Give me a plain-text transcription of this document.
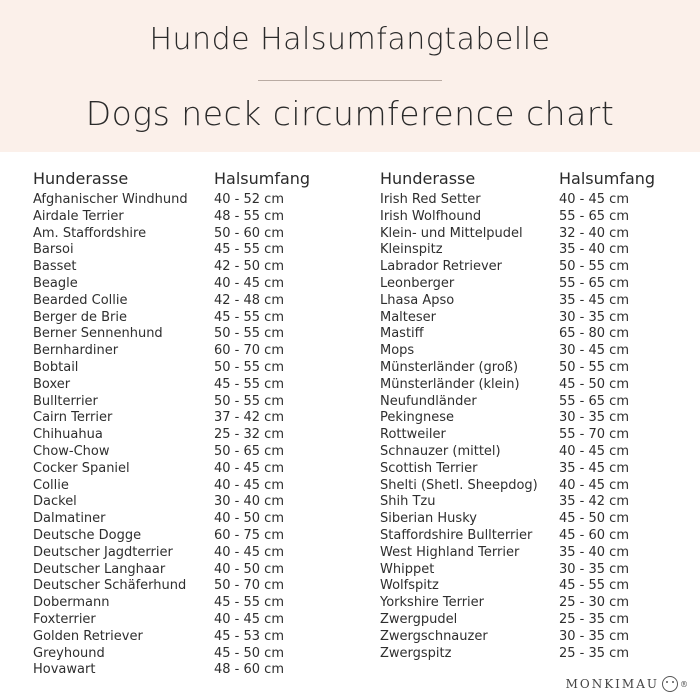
Hunde Halsumfangtabelle
Dogs neck circumference chart
Hunderasse	Halsumfang
Afghanischer Windhund	40 - 52 cm
Airdale Terrier	48 - 55 cm
Am. Staffordshire	50 - 60 cm
Barsoi	45 - 55 cm
Basset	42 - 50 cm
Beagle	40 - 45 cm
Bearded Collie	42 - 48 cm
Berger de Brie	45 - 55 cm
Berner Sennenhund	50 - 55 cm
Bernhardiner	60 - 70 cm
Bobtail	50 - 55 cm
Boxer	45 - 55 cm
Bullterrier	50 - 55 cm
Cairn Terrier	37 - 42 cm
Chihuahua	25 - 32 cm
Chow-Chow	50 - 65 cm
Cocker Spaniel	40 - 45 cm
Collie	40 - 45 cm
Dackel	30 - 40 cm
Dalmatiner	40 - 50 cm
Deutsche Dogge	60 - 75 cm
Deutscher Jagdterrier	40 - 45 cm
Deutscher Langhaar	40 - 50 cm
Deutscher Schäferhund	50 - 70 cm
Dobermann	45 - 55 cm
Foxterrier	40 - 45 cm
Golden Retriever	45 - 53 cm
Greyhound	45 - 50 cm
Hovawart	48 - 60 cm
Hunderasse	Halsumfang
Irish Red Setter	40 - 45 cm
Irish Wolfhound	55 - 65 cm
Klein- und Mittelpudel	32 - 40 cm
Kleinspitz	35 - 40 cm
Labrador Retriever	50 - 55 cm
Leonberger	55 - 65 cm
Lhasa Apso	35 - 45 cm
Malteser	30 - 35 cm
Mastiff	65 - 80 cm
Mops	30 - 45 cm
Münsterländer (groß)	50 - 55 cm
Münsterländer (klein)	45 - 50 cm
Neufundländer	55 - 65 cm
Pekingnese	30 - 35 cm
Rottweiler	55 - 70 cm
Schnauzer (mittel)	40 - 45 cm
Scottish Terrier	35 - 45 cm
Shelti (Shetl. Sheepdog)	40 - 45 cm
Shih Tzu	35 - 42 cm
Siberian Husky	45 - 50 cm
Staffordshire Bullterrier	45 - 60 cm
West Highland Terrier	35 - 40 cm
Whippet	30 - 35 cm
Wolfspitz	45 - 55 cm
Yorkshire Terrier	25 - 30 cm
Zwergpudel	25 - 35 cm
Zwergschnauzer	30 - 35 cm
Zwergspitz	25 - 35 cm
MONKIMAU	®
